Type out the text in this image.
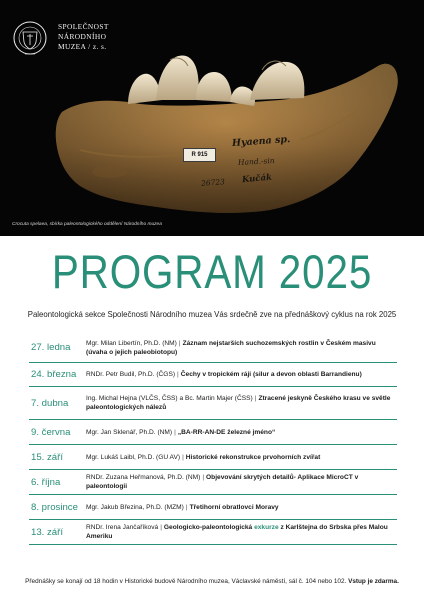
SPOLEČNOST
NÁRODNÍHO
MUZEA / z. s.
R 915
Hyaena sp.
Hand.-sin
26723 Kučák
Crocuta spelaea, sbírka paleontologického oddělení Národního muzea
PROGRAM 2025
Paleontologická sekce Společnosti Národního muzea Vás srdečně zve na přednáškový cyklus na rok 2025
27. ledna	Mgr. Milan Libertín, Ph.D. (NM) | Záznam nejstarších suchozemských rostlin v Českém masivu (úvaha o jejich paleobiotopu)
24. března	RNDr. Petr Budil, Ph.D. (ČGS) | Čechy v tropickém ráji (silur a devon oblasti Barrandienu)
7. dubna	Ing. Michal Hejna (VLČS, ČSS) a Bc. Martin Majer (ČSS) | Ztracené jeskyně Českého krasu ve světle paleontologických nálezů
9. června	Mgr. Jan Sklenář, Ph.D. (NM) | „BA-RR-AN-DE železné jméno“
15. září	Mgr. Lukáš Laibl, Ph.D. (GU AV) | Historické rekonstrukce prvohorních zvířat
6. října	RNDr. Zuzana Heřmanová, Ph.D. (NM) | Objevování skrytých detailů- Aplikace MicroCT v paleontologii
8. prosince	Mgr. Jakub Březina, Ph.D. (MZM) | Třetihorní obratlovci Moravy
13. září	RNDr. Irena Jančaříková | Geologicko-paleontologická exkurze z Karlštejna do Srbska přes Malou Ameriku
Přednášky se konají od 18 hodin v Historické budově Národního muzea, Václavské náměstí, sál č. 104 nebo 102. Vstup je zdarma.
